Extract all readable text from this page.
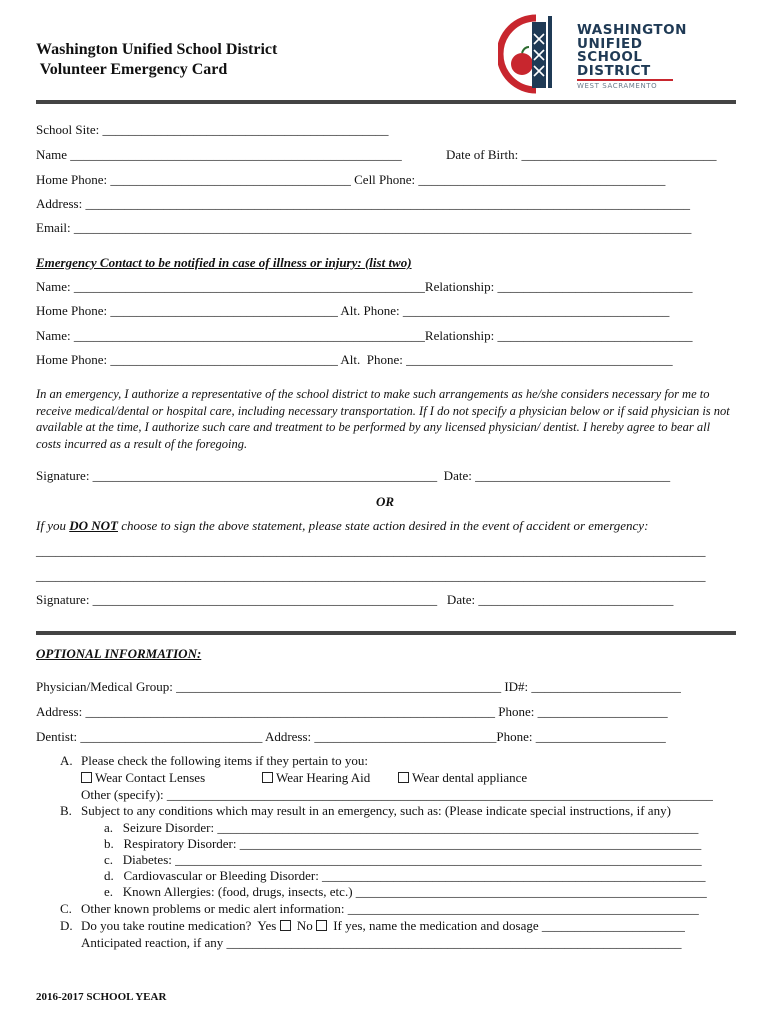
Washington Unified School District
Volunteer Emergency Card
WASHINGTON
UNIFIED
SCHOOL
DISTRICT
WEST SACRAMENTO
School Site: ____________________________________________
Name ___________________________________________________	Date of Birth: ______________________________
Home Phone: _____________________________________ Cell Phone: ______________________________________
Address: _____________________________________________________________________________________________
Email: _______________________________________________________________________________________________
Emergency Contact to be notified in case of illness or injury: (list two)
Name: ______________________________________________________Relationship: ______________________________
Home Phone: ___________________________________ Alt. Phone: _________________________________________
Name: ______________________________________________________Relationship: ______________________________
Home Phone: ___________________________________ Alt.  Phone: _________________________________________
In an emergency, I authorize a representative of the school district to make such arrangements as he/she considers necessary for me to receive medical/dental or hospital care, including necessary transportation. If I do not specify a physician below or if said physician is not available at the time, I authorize such care and treatment to be performed by any licensed physician/ dentist. I hereby agree to bear all costs incurred as a result of the foregoing.
Signature: _____________________________________________________  Date: ______________________________
OR
If you DO NOT choose to sign the above statement, please state action desired in the event of accident or emergency:
_______________________________________________________________________________________________________
_______________________________________________________________________________________________________
Signature: _____________________________________________________   Date: ______________________________
OPTIONAL INFORMATION:
Physician/Medical Group: __________________________________________________ ID#: _______________________
Address: _______________________________________________________________ Phone: ____________________
Dentist: ____________________________ Address: ____________________________Phone: ____________________
A. Please check the following items if they pertain to you:
Wear Contact Lenses	Wear Hearing Aid	Wear dental appliance
Other (specify): ____________________________________________________________________________________
B. Subject to any conditions which may result in an emergency, such as: (Please indicate special instructions, if any)
a.   Seizure Disorder: __________________________________________________________________________
b.   Respiratory Disorder: _______________________________________________________________________
c.   Diabetes: _________________________________________________________________________________
d.   Cardiovascular or Bleeding Disorder: ___________________________________________________________
e.   Known Allergies: (food, drugs, insects, etc.) ______________________________________________________
C. Other known problems or medic alert information: ______________________________________________________
D. Do you take routine medication?  Yes  No  If yes, name the medication and dosage ______________________
Anticipated reaction, if any ______________________________________________________________________
2016-2017 SCHOOL YEAR
